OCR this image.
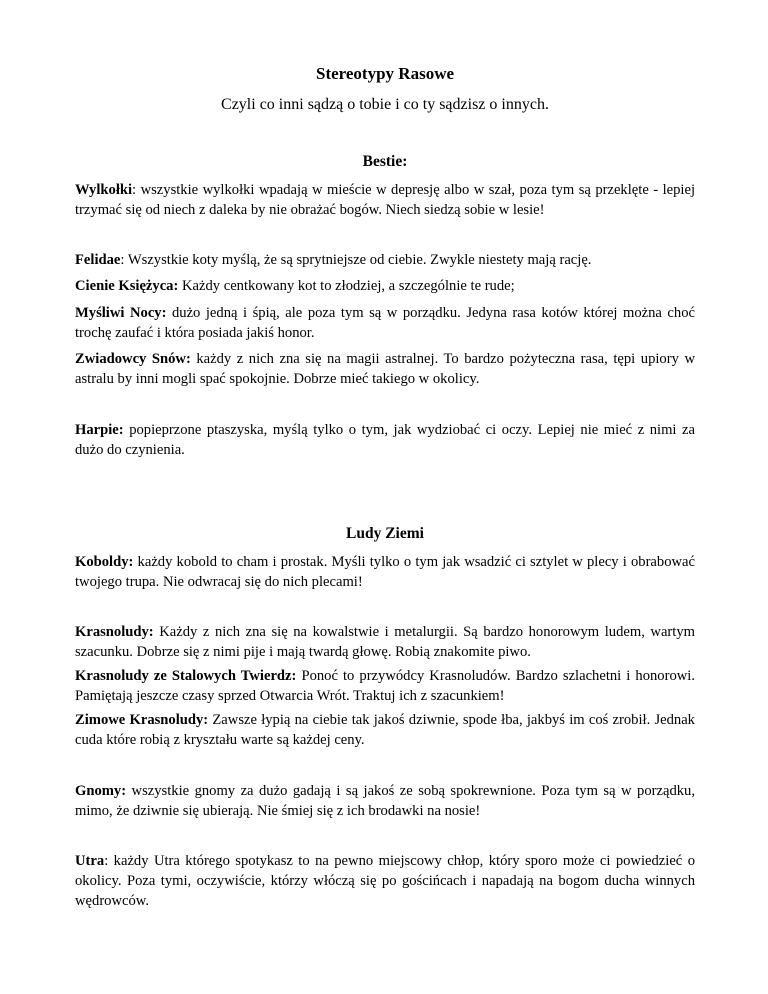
Stereotypy Rasowe

Czyli co inni sądzą o tobie i co ty sądzisz o innych.

Bestie:

Wylkołki: wszystkie wylkołki wpadają w mieście w depresję albo w szał, poza tym są przeklęte - lepiej trzymać się od niech z daleka by nie obrażać bogów. Niech siedzą sobie w lesie!

Felidae: Wszystkie koty myślą, że są sprytniejsze od ciebie. Zwykle niestety mają rację.

Cienie Księżyca: Każdy centkowany kot to złodziej, a szczególnie te rude;

Myśliwi Nocy: dużo jedną i śpią, ale poza tym są w porządku. Jedyna rasa kotów której można choć trochę zaufać i która posiada jakiś honor.

Zwiadowcy Snów: każdy z nich zna się na magii astralnej. To bardzo pożyteczna rasa, tępi upiory w astralu by inni mogli spać spokojnie. Dobrze mieć takiego w okolicy.

Harpie: popieprzone ptaszyska, myślą tylko o tym, jak wydziobać ci oczy. Lepiej nie mieć z nimi za dużo do czynienia.

Ludy Ziemi

Koboldy: każdy kobold to cham i prostak. Myśli tylko o tym jak wsadzić ci sztylet w plecy i obrabować twojego trupa. Nie odwracaj się do nich plecami!

Krasnoludy: Każdy z nich zna się na kowalstwie i metalurgii. Są bardzo honorowym ludem, wartym szacunku. Dobrze się z nimi pije i mają twardą głowę. Robią znakomite piwo.

Krasnoludy ze Stalowych Twierdz: Ponoć to przywódcy Krasnoludów. Bardzo szlachetni i honorowi. Pamiętają jeszcze czasy sprzed Otwarcia Wrót. Traktuj ich z szacunkiem!

Zimowe Krasnoludy: Zawsze łypią na ciebie tak jakoś dziwnie, spode łba, jakbyś im coś zrobił. Jednak cuda które robią z kryształu warte są każdej ceny.

Gnomy: wszystkie gnomy za dużo gadają i są jakoś ze sobą spokrewnione. Poza tym są w porządku, mimo, że dziwnie się ubierają. Nie śmiej się z ich brodawki na nosie!

Utra: każdy Utra którego spotykasz to na pewno miejscowy chłop, który sporo może ci powiedzieć o okolicy. Poza tymi, oczywiście, którzy włóczą się po gościńcach i napadają na bogom ducha winnych wędrowców.
